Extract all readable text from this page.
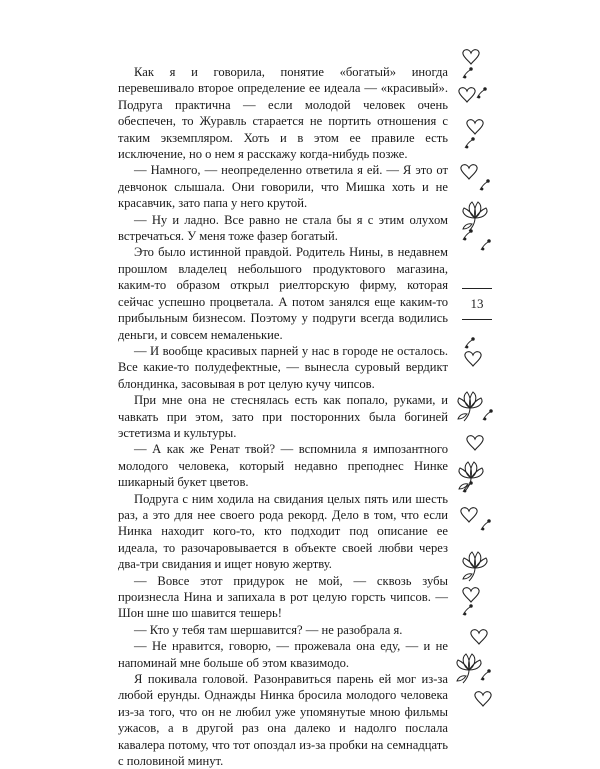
Как я и говорила, понятие «богатый» иногда перевешивало второе определение ее идеала — «красивый». Подруга практична — если молодой человек очень обеспечен, то Журавль старается не портить отношения с таким экземпляром. Хоть и в этом ее правиле есть исключение, но о нем я расскажу когда-нибудь позже.

— Намного, — неопределенно ответила я ей. — Я это от девчонок слышала. Они говорили, что Мишка хоть и не красавчик, зато папа у него крутой.

— Ну и ладно. Все равно не стала бы я с этим олухом встречаться. У меня тоже фазер богатый.

Это было истинной правдой. Родитель Нины, в недавнем прошлом владелец небольшого продуктового магазина, каким-то образом открыл риелторскую фирму, которая сейчас успешно процветала. А потом занялся еще каким-то прибыльным бизнесом. Поэтому у подруги всегда водились деньги, и совсем немаленькие.

— И вообще красивых парней у нас в городе не осталось. Все какие-то полудефектные, — вынесла суровый вердикт блондинка, засовывая в рот целую кучу чипсов.

При мне она не стеснялась есть как попало, руками, и чавкать при этом, зато при посторонних была богиней эстетизма и культуры.

— А как же Ренат твой? — вспомнила я импозантного молодого человека, который недавно преподнес Нинке шикарный букет цветов.

Подруга с ним ходила на свидания целых пять или шесть раз, а это для нее своего рода рекорд. Дело в том, что если Нинка находит кого-то, кто подходит под описание ее идеала, то разочаровывается в объекте своей любви через два-три свидания и ищет новую жертву.

— Вовсе этот придурок не мой, — сквозь зубы произнесла Нина и запихала в рот целую горсть чипсов. — Шон шне шо шавится тешерь!

— Кто у тебя там шершавится? — не разобрала я.

— Не нравится, говорю, — прожевала она еду, — и не напоминай мне больше об этом квазимодо.

Я покивала головой. Разонравиться парень ей мог из-за любой ерунды. Однажды Нинка бросила молодого человека из-за того, что он не любил уже упомянутые мною фильмы ужасов, а в другой раз она далеко и надолго послала кавалера потому, что тот опоздал из-за пробки на семнадцать с половиной минут.

13
